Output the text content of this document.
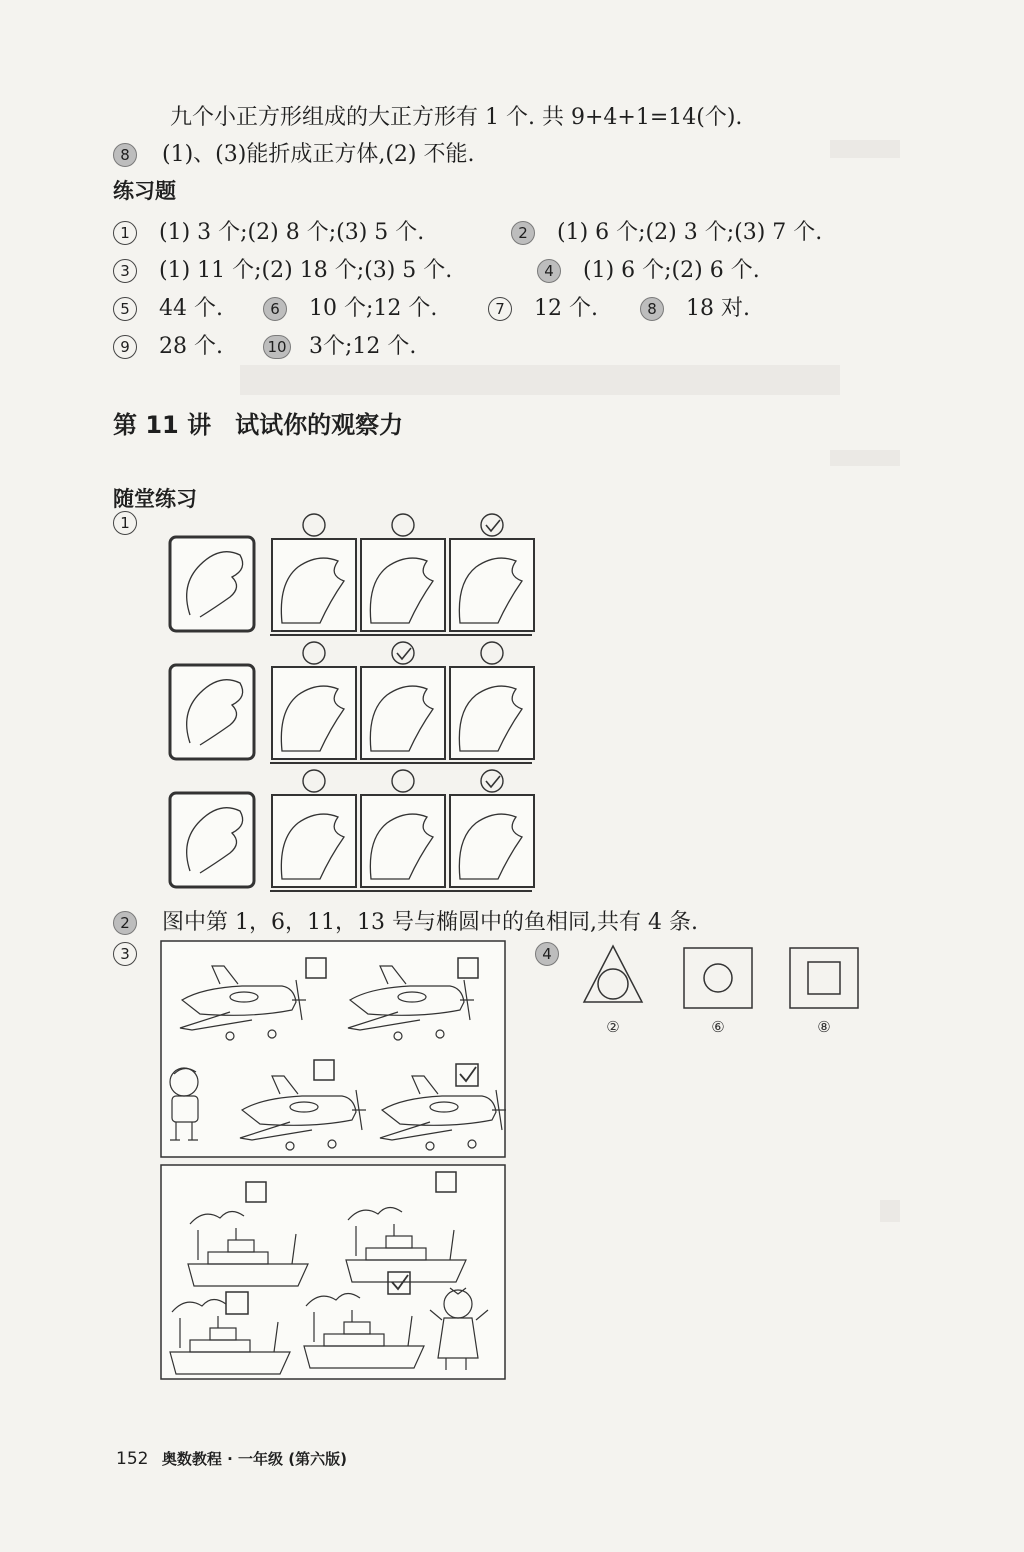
九个小正方形组成的大正方形有 1 个. 共 9+4+1=14(个).
8 (1)、(3)能折成正方体,(2) 不能.
练习题
1 (1) 3 个;(2) 8 个;(3) 5 个.	2 (1) 6 个;(2) 3 个;(3) 7 个.
3 (1) 11 个;(2) 18 个;(3) 5 个.	4 (1) 6 个;(2) 6 个.
5 44 个.	6 10 个;12 个.	7 12 个.	8 18 对.
9 28 个.	10 3个;12 个.
第 11 讲　试试你的观察力
随堂练习
1
2 图中第 1，6，11，13 号与椭圆中的鱼相同,共有 4 条.
3	4
②	⑥	⑧
152 奥数教程 · 一年级 (第六版)
